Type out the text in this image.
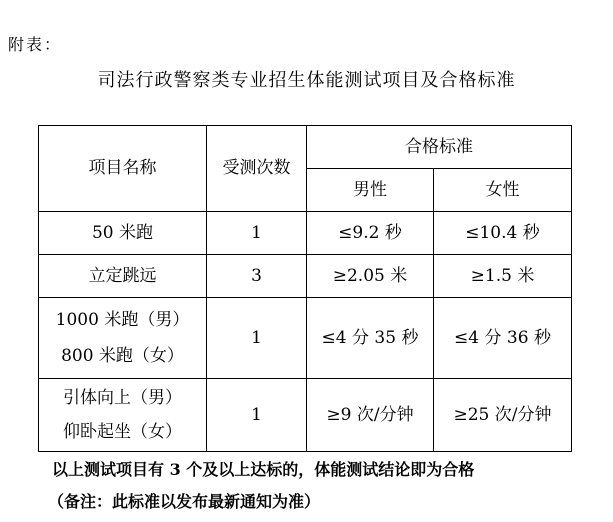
附表：
司法行政警察类专业招生体能测试项目及合格标准
项目名称	受测次数	合格标准	
		男性	女性
50 米跑	1	≤9.2 秒	≤10.4 秒
立定跳远	3	≥2.05 米	≥1.5 米

1000 米跑（男）
800 米跑（女）	1	≤4 分 35 秒	≤4 分 36 秒

引体向上（男）
仰卧起坐（女）	1	≥9 次/分钟	≥25 次/分钟
以上测试项目有 3 个及以上达标的，体能测试结论即为合格
（备注：此标准以发布最新通知为准）
